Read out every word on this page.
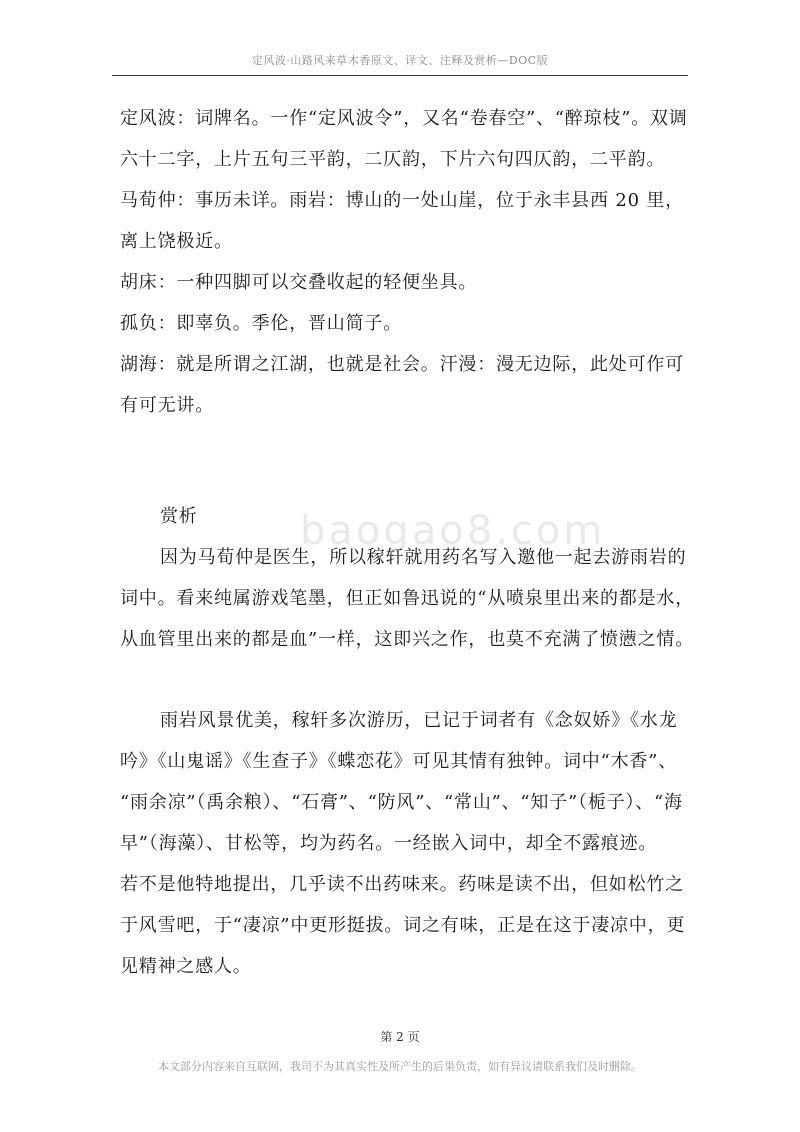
定风波·山路风来草木香原文、译文、注释及赏析—DOC版
baogao8.com
定风波：词牌名。一作“定风波令”，又名“卷春空”、“醉琼枝”。双调
六十二字，上片五句三平韵，二仄韵，下片六句四仄韵，二平韵。
马荀仲：事历未详。雨岩：博山的一处山崖，位于永丰县西 20 里，
离上饶极近。
胡床：一种四脚可以交叠收起的轻便坐具。
孤负：即辜负。季伦，晋山简子。
湖海：就是所谓之江湖，也就是社会。汗漫：漫无边际，此处可作可
有可无讲。
赏析
因为马荀仲是医生，所以稼轩就用药名写入邀他一起去游雨岩的
词中。看来纯属游戏笔墨，但正如鲁迅说的“从喷泉里出来的都是水，
从血管里出来的都是血”一样，这即兴之作，也莫不充满了愤懑之情。
雨岩风景优美，稼轩多次游历，已记于词者有《念奴娇》《水龙
吟》《山鬼谣》《生查子》《蝶恋花》可见其情有独钟。词中“木香”、
“雨余凉”（禹余粮）、“石膏”、“防风”、“常山”、“知子”（栀子）、“海
早”（海藻）、甘松等，均为药名。一经嵌入词中，却全不露痕迹。
若不是他特地提出，几乎读不出药味来。药味是读不出，但如松竹之
于风雪吧，于“凄凉”中更形挺拔。词之有味，正是在这于凄凉中，更
见精神之感人。
第 2 页
本文部分内容来自互联网，我司不为其真实性及所产生的后果负责，如有异议请联系我们及时删除。
